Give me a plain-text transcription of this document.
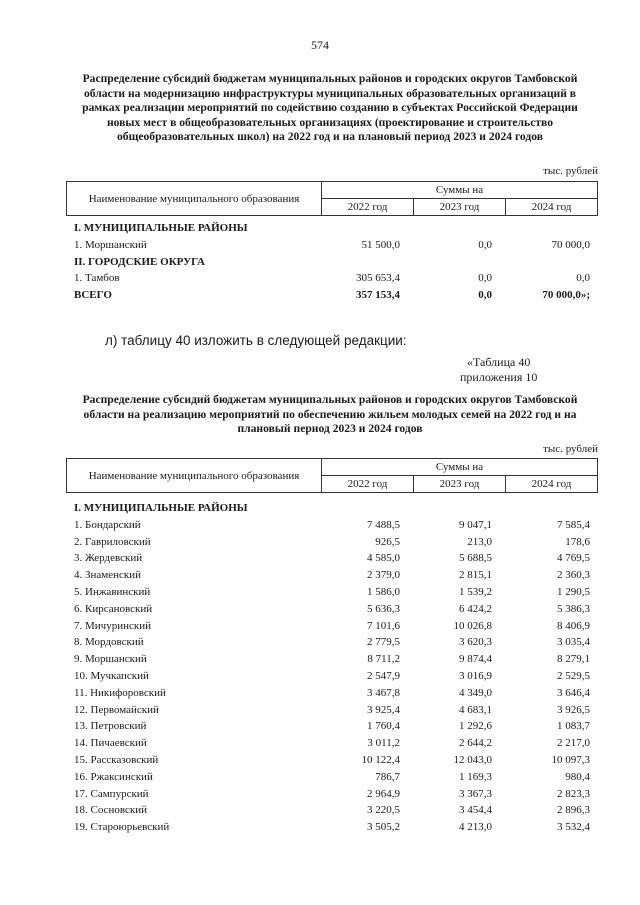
574
Распределение субсидий бюджетам муниципальных районов и городских округов Тамбовской области на модернизацию инфраструктуры муниципальных образовательных организаций в рамках реализации мероприятий по содействию созданию в субъектах Российской Федерации новых мест в общеобразовательных организациях (проектирование и строительство общеобразовательных школ) на 2022 год и на плановый период 2023 и 2024 годов
тыс. рублей
Наименование муниципального образования	Суммы на		
	2022 год	2023 год	2024 год
I. МУНИЦИПАЛЬНЫЕ РАЙОНЫ
1. Моршанский	51 500,0	0,0	70 000,0
II. ГОРОДСКИЕ ОКРУГА
1. Тамбов	305 653,4	0,0	0,0
ВСЕГО	357 153,4	0,0	70 000,0»;
л) таблицу 40 изложить в следующей редакции:
«Таблица 40
приложения 10
Распределение субсидий бюджетам муниципальных районов и городских округов Тамбовской области на реализацию мероприятий по обеспечению жильем молодых семей на 2022 год и на плановый период 2023 и 2024 годов
тыс. рублей
Наименование муниципального образования	Суммы на		
	2022 год	2023 год	2024 год
I. МУНИЦИПАЛЬНЫЕ РАЙОНЫ
1. Бондарский	7 488,5	9 047,1	7 585,4
2. Гавриловский	926,5	213,0	178,6
3. Жердевский	4 585,0	5 688,5	4 769,5
4. Знаменский	2 379,0	2 815,1	2 360,3
5. Инжавинский	1 586,0	1 539,2	1 290,5
6. Кирсановский	5 636,3	6 424,2	5 386,3
7. Мичуринский	7 101,6	10 026,8	8 406,9
8. Мордовский	2 779,5	3 620,3	3 035,4
9. Моршанский	8 711,2	9 874,4	8 279,1
10. Мучкапский	2 547,9	3 016,9	2 529,5
11. Никифоровский	3 467,8	4 349,0	3 646,4
12. Первомайский	3 925,4	4 683,1	3 926,5
13. Петровский	1 760,4	1 292,6	1 083,7
14. Пичаевский	3 011,2	2 644,2	2 217,0
15. Рассказовский	10 122,4	12 043,0	10 097,3
16. Ржаксинский	786,7	1 169,3	980,4
17. Сампурский	2 964,9	3 367,3	2 823,3
18. Сосновский	3 220,5	3 454,4	2 896,3
19. Староюрьевский	3 505,2	4 213,0	3 532,4
